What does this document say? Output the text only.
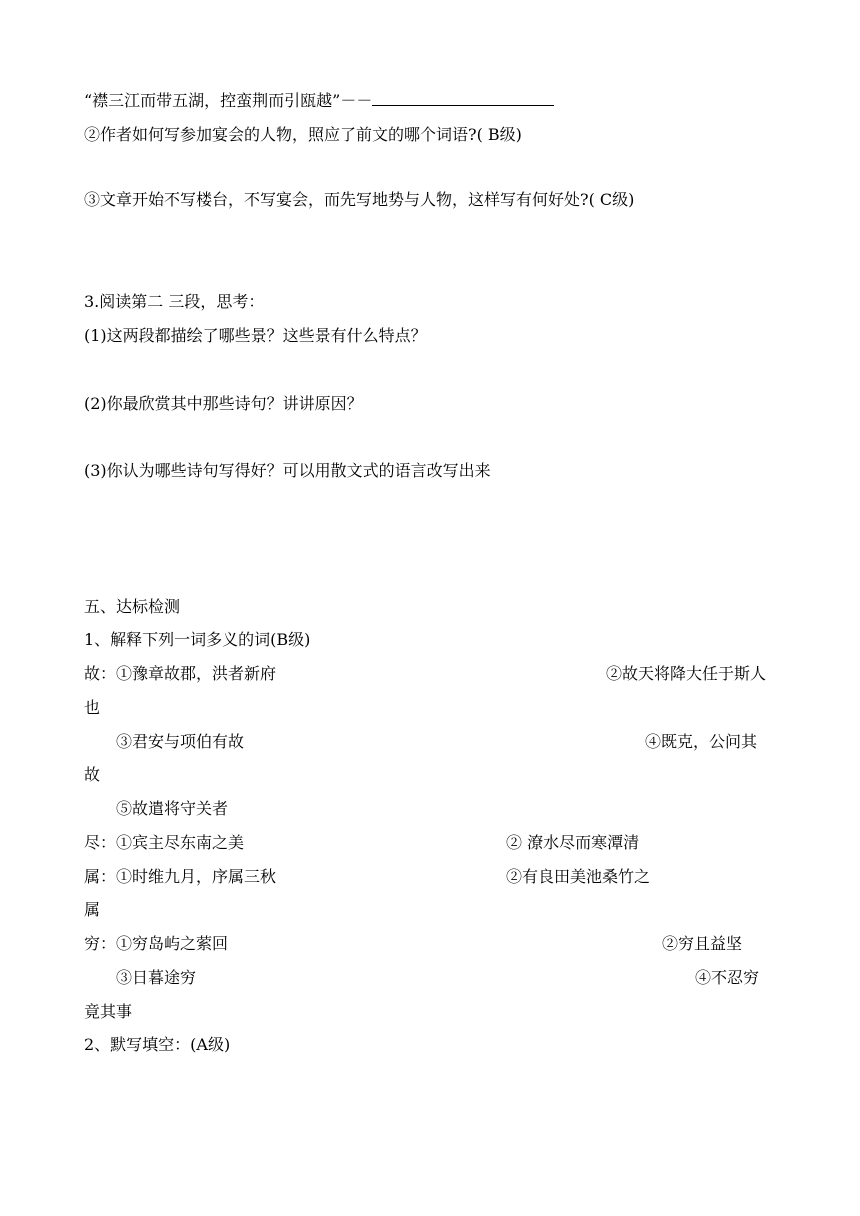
“襟三江而带五湖，控蛮荆而引瓯越”－－
②作者如何写参加宴会的人物，照应了前文的哪个词语?( B级)
③文章开始不写楼台，不写宴会，而先写地势与人物，这样写有何好处?( C级)
3.阅读第二 三段，思考：
(1)这两段都描绘了哪些景？这些景有什么特点？
(2)你最欣赏其中那些诗句？讲讲原因？
(3)你认为哪些诗句写得好？可以用散文式的语言改写出来
五、达标检测
1、解释下列一词多义的词(B级)
故：①豫章故郡，洪者新府	②故天将降大任于斯人
也
③君安与项伯有故	④既克，公问其
故
⑤故遣将守关者
尽：①宾主尽东南之美	② 潦水尽而寒潭清
属：①时维九月，序属三秋	②有良田美池桑竹之
属
穷：①穷岛屿之萦回	②穷且益坚
③日暮途穷	④不忍穷
竟其事
2、默写填空：(A级)
